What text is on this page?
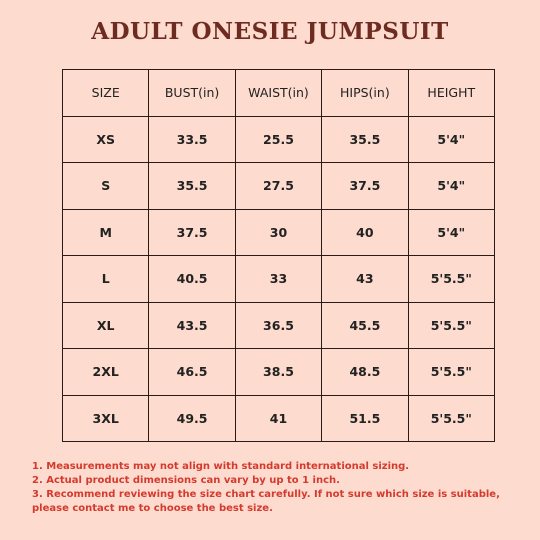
ADULT ONESIE JUMPSUIT
SIZE	BUST(in)	WAIST(in)	HIPS(in)	HEIGHT
XS	33.5	25.5	35.5	5'4"
S	35.5	27.5	37.5	5'4"
M	37.5	30	40	5'4"
L	40.5	33	43	5'5.5"
XL	43.5	36.5	45.5	5'5.5"
2XL	46.5	38.5	48.5	5'5.5"
3XL	49.5	41	51.5	5'5.5"
1. Measurements may not align with standard international sizing.
2. Actual product dimensions can vary by up to 1 inch.
3. Recommend reviewing the size chart carefully. If not sure which size is suitable, please contact me to choose the best size.
